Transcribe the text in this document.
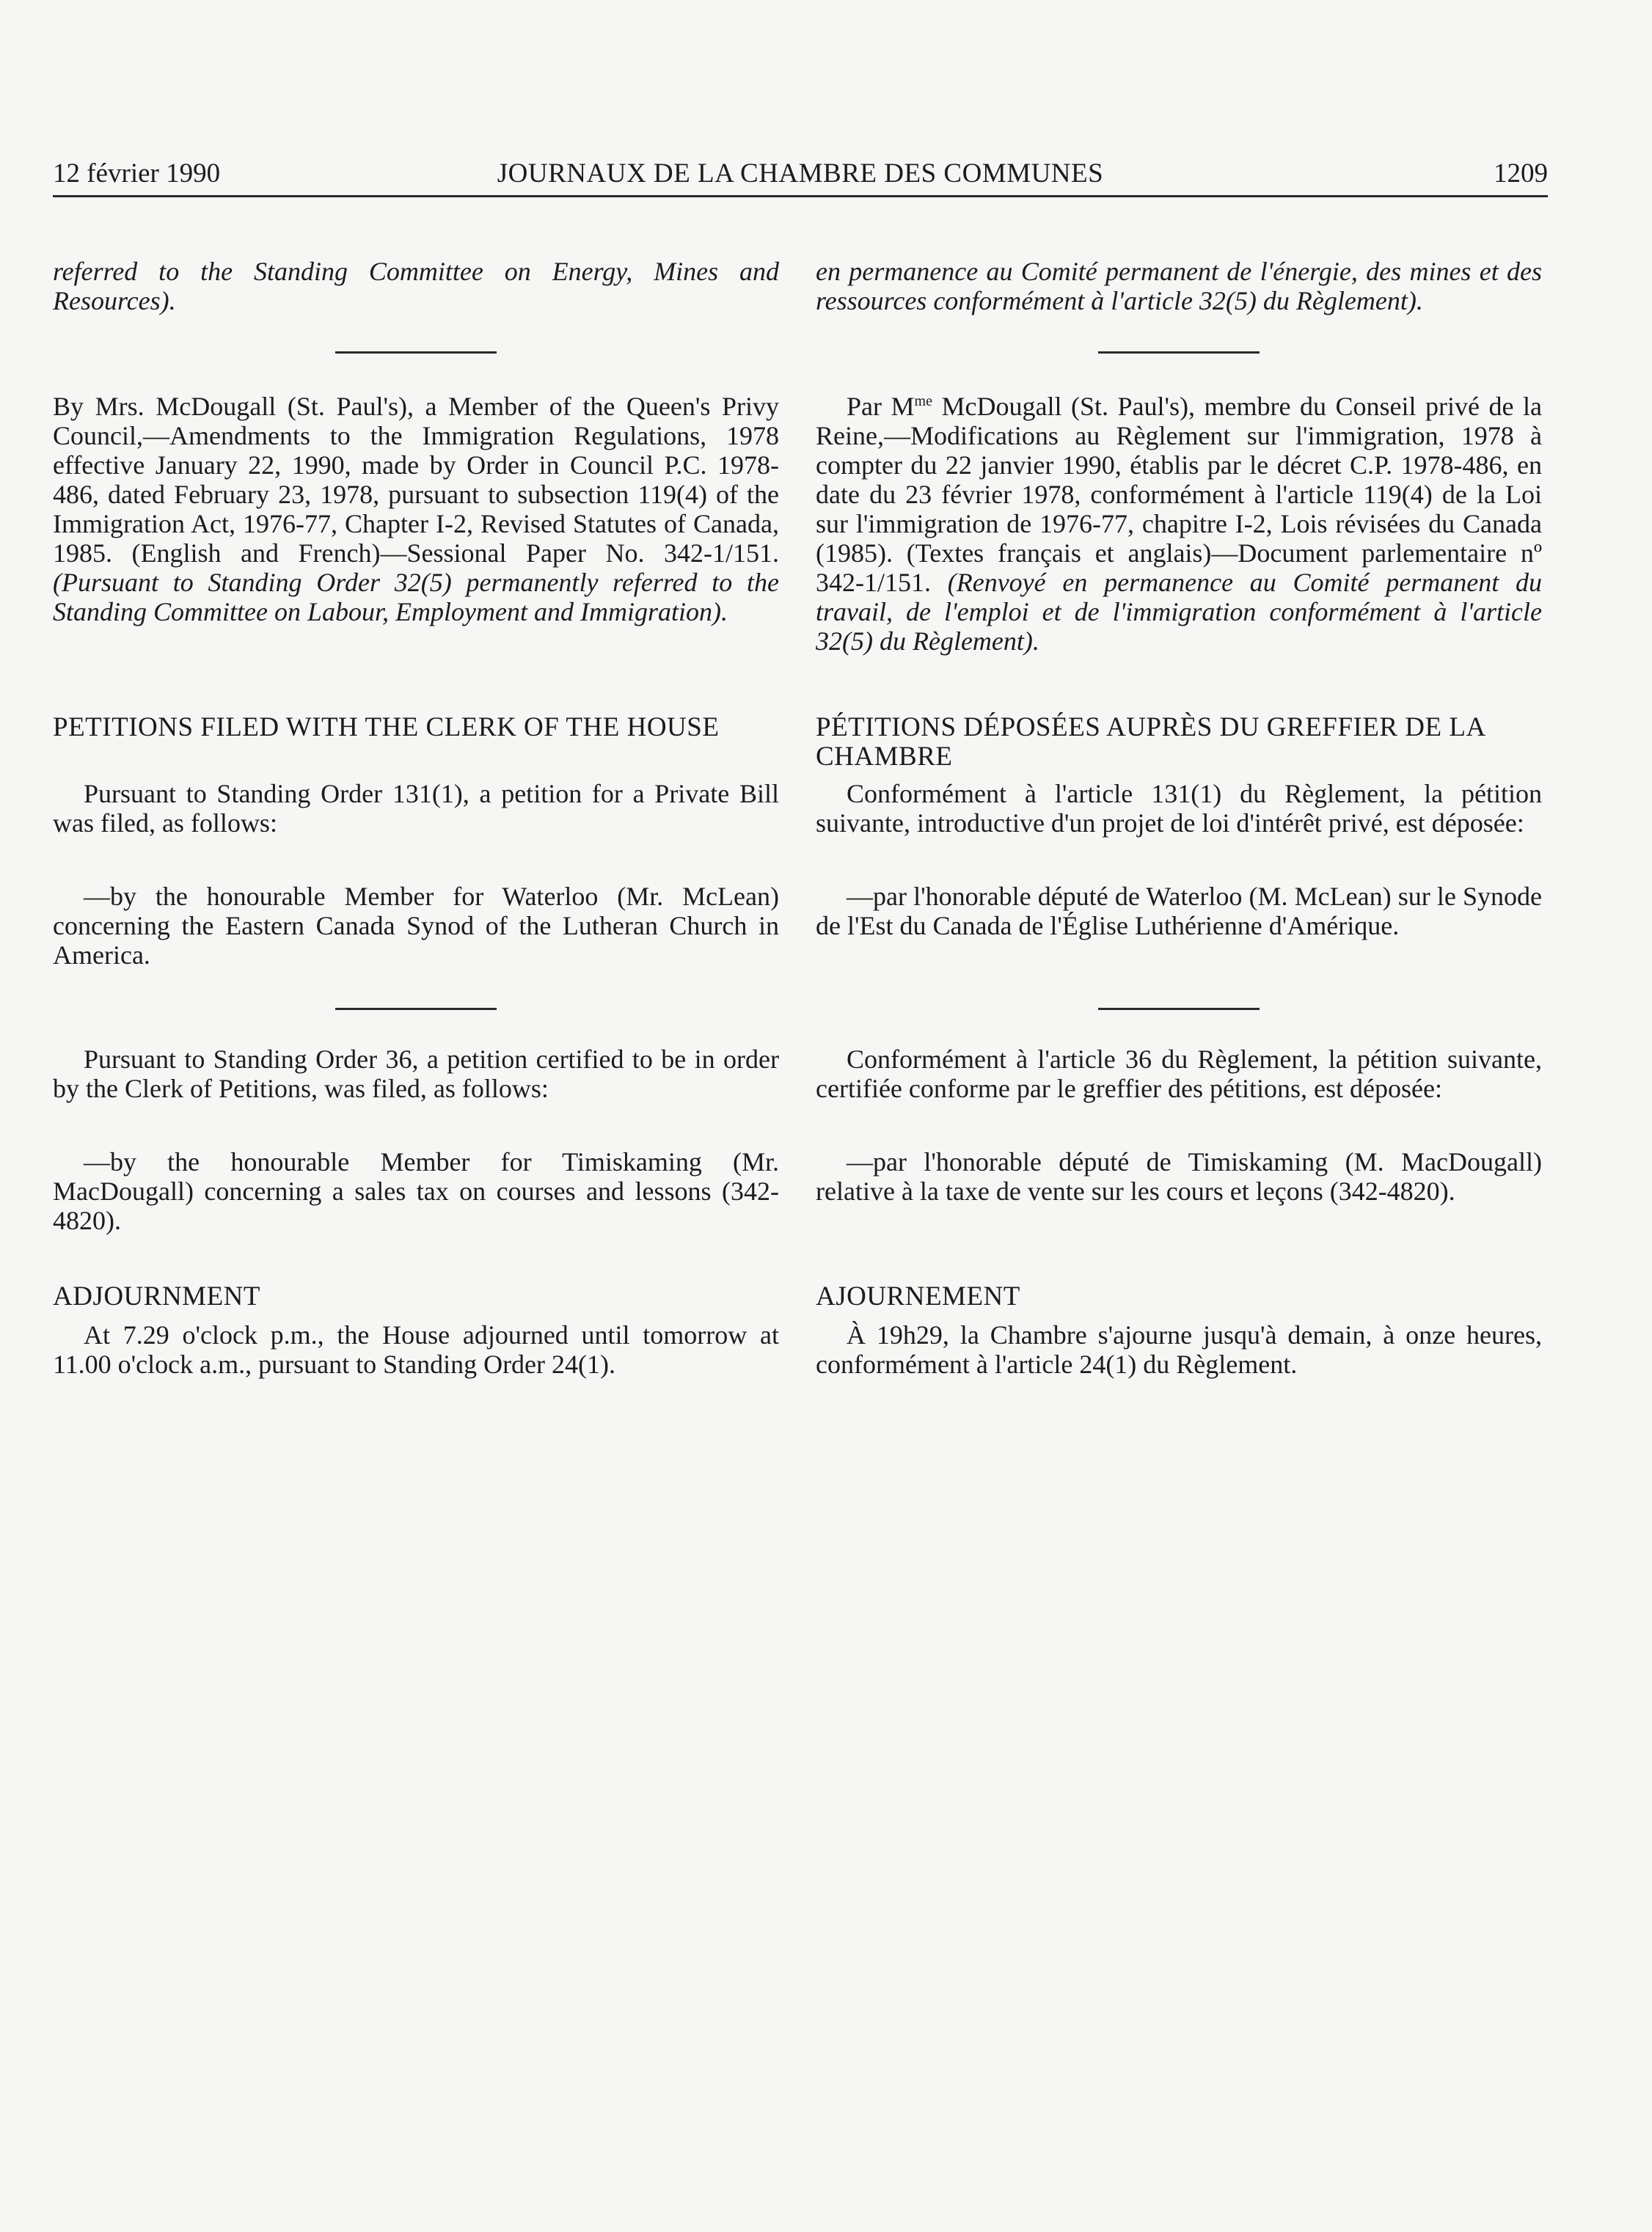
12 février 1990	JOURNAUX DE LA CHAMBRE DES COMMUNES	1209

referred to the Standing Committee on Energy, Mines and Resources).

By Mrs. McDougall (St. Paul's), a Member of the Queen's Privy Council,—Amendments to the Immigration Regulations, 1978 effective January 22, 1990, made by Order in Council P.C. 1978-486, dated February 23, 1978, pursuant to subsection 119(4) of the Immigration Act, 1976-77, Chapter I-2, Revised Statutes of Canada, 1985. (English and French)—Sessional Paper No. 342-1/151. (Pursuant to Standing Order 32(5) permanently referred to the Standing Committee on Labour, Employment and Immigration).

PETITIONS FILED WITH THE CLERK OF THE HOUSE

Pursuant to Standing Order 131(1), a petition for a Private Bill was filed, as follows:

—by the honourable Member for Waterloo (Mr. McLean) concerning the Eastern Canada Synod of the Lutheran Church in America.

Pursuant to Standing Order 36, a petition certified to be in order by the Clerk of Petitions, was filed, as follows:

—by the honourable Member for Timiskaming (Mr. MacDougall) concerning a sales tax on courses and lessons (342-4820).

ADJOURNMENT

At 7.29 o'clock p.m., the House adjourned until tomorrow at 11.00 o'clock a.m., pursuant to Standing Order 24(1).

en permanence au Comité permanent de l'énergie, des mines et des ressources conformément à l'article 32(5) du Règlement).

Par $M^{me}$ McDougall (St. Paul's), membre du Conseil privé de la Reine,—Modifications au Règlement sur l'immigration, 1978 à compter du 22 janvier 1990, établis par le décret C.P. 1978-486, en date du 23 février 1978, conformément à l'article 119(4) de la Loi sur l'immigration de 1976-77, chapitre I-2, Lois révisées du Canada (1985). (Textes français et anglais)—Document parlementaire nº 342-1/151. (Renvoyé en permanence au Comité permanent du travail, de l'emploi et de l'immigration conformément à l'article 32(5) du Règlement).

PÉTITIONS DÉPOSÉES AUPRÈS DU GREFFIER DE LA CHAMBRE

Conformément à l'article 131(1) du Règlement, la pétition suivante, introductive d'un projet de loi d'intérêt privé, est déposée:

—par l'honorable député de Waterloo (M. McLean) sur le Synode de l'Est du Canada de l'Église Luthérienne d'Amérique.

Conformément à l'article 36 du Règlement, la pétition suivante, certifiée conforme par le greffier des pétitions, est déposée:

—par l'honorable député de Timiskaming (M. MacDougall) relative à la taxe de vente sur les cours et leçons (342-4820).

AJOURNEMENT

À 19h29, la Chambre s'ajourne jusqu'à demain, à onze heures, conformément à l'article 24(1) du Règlement.
